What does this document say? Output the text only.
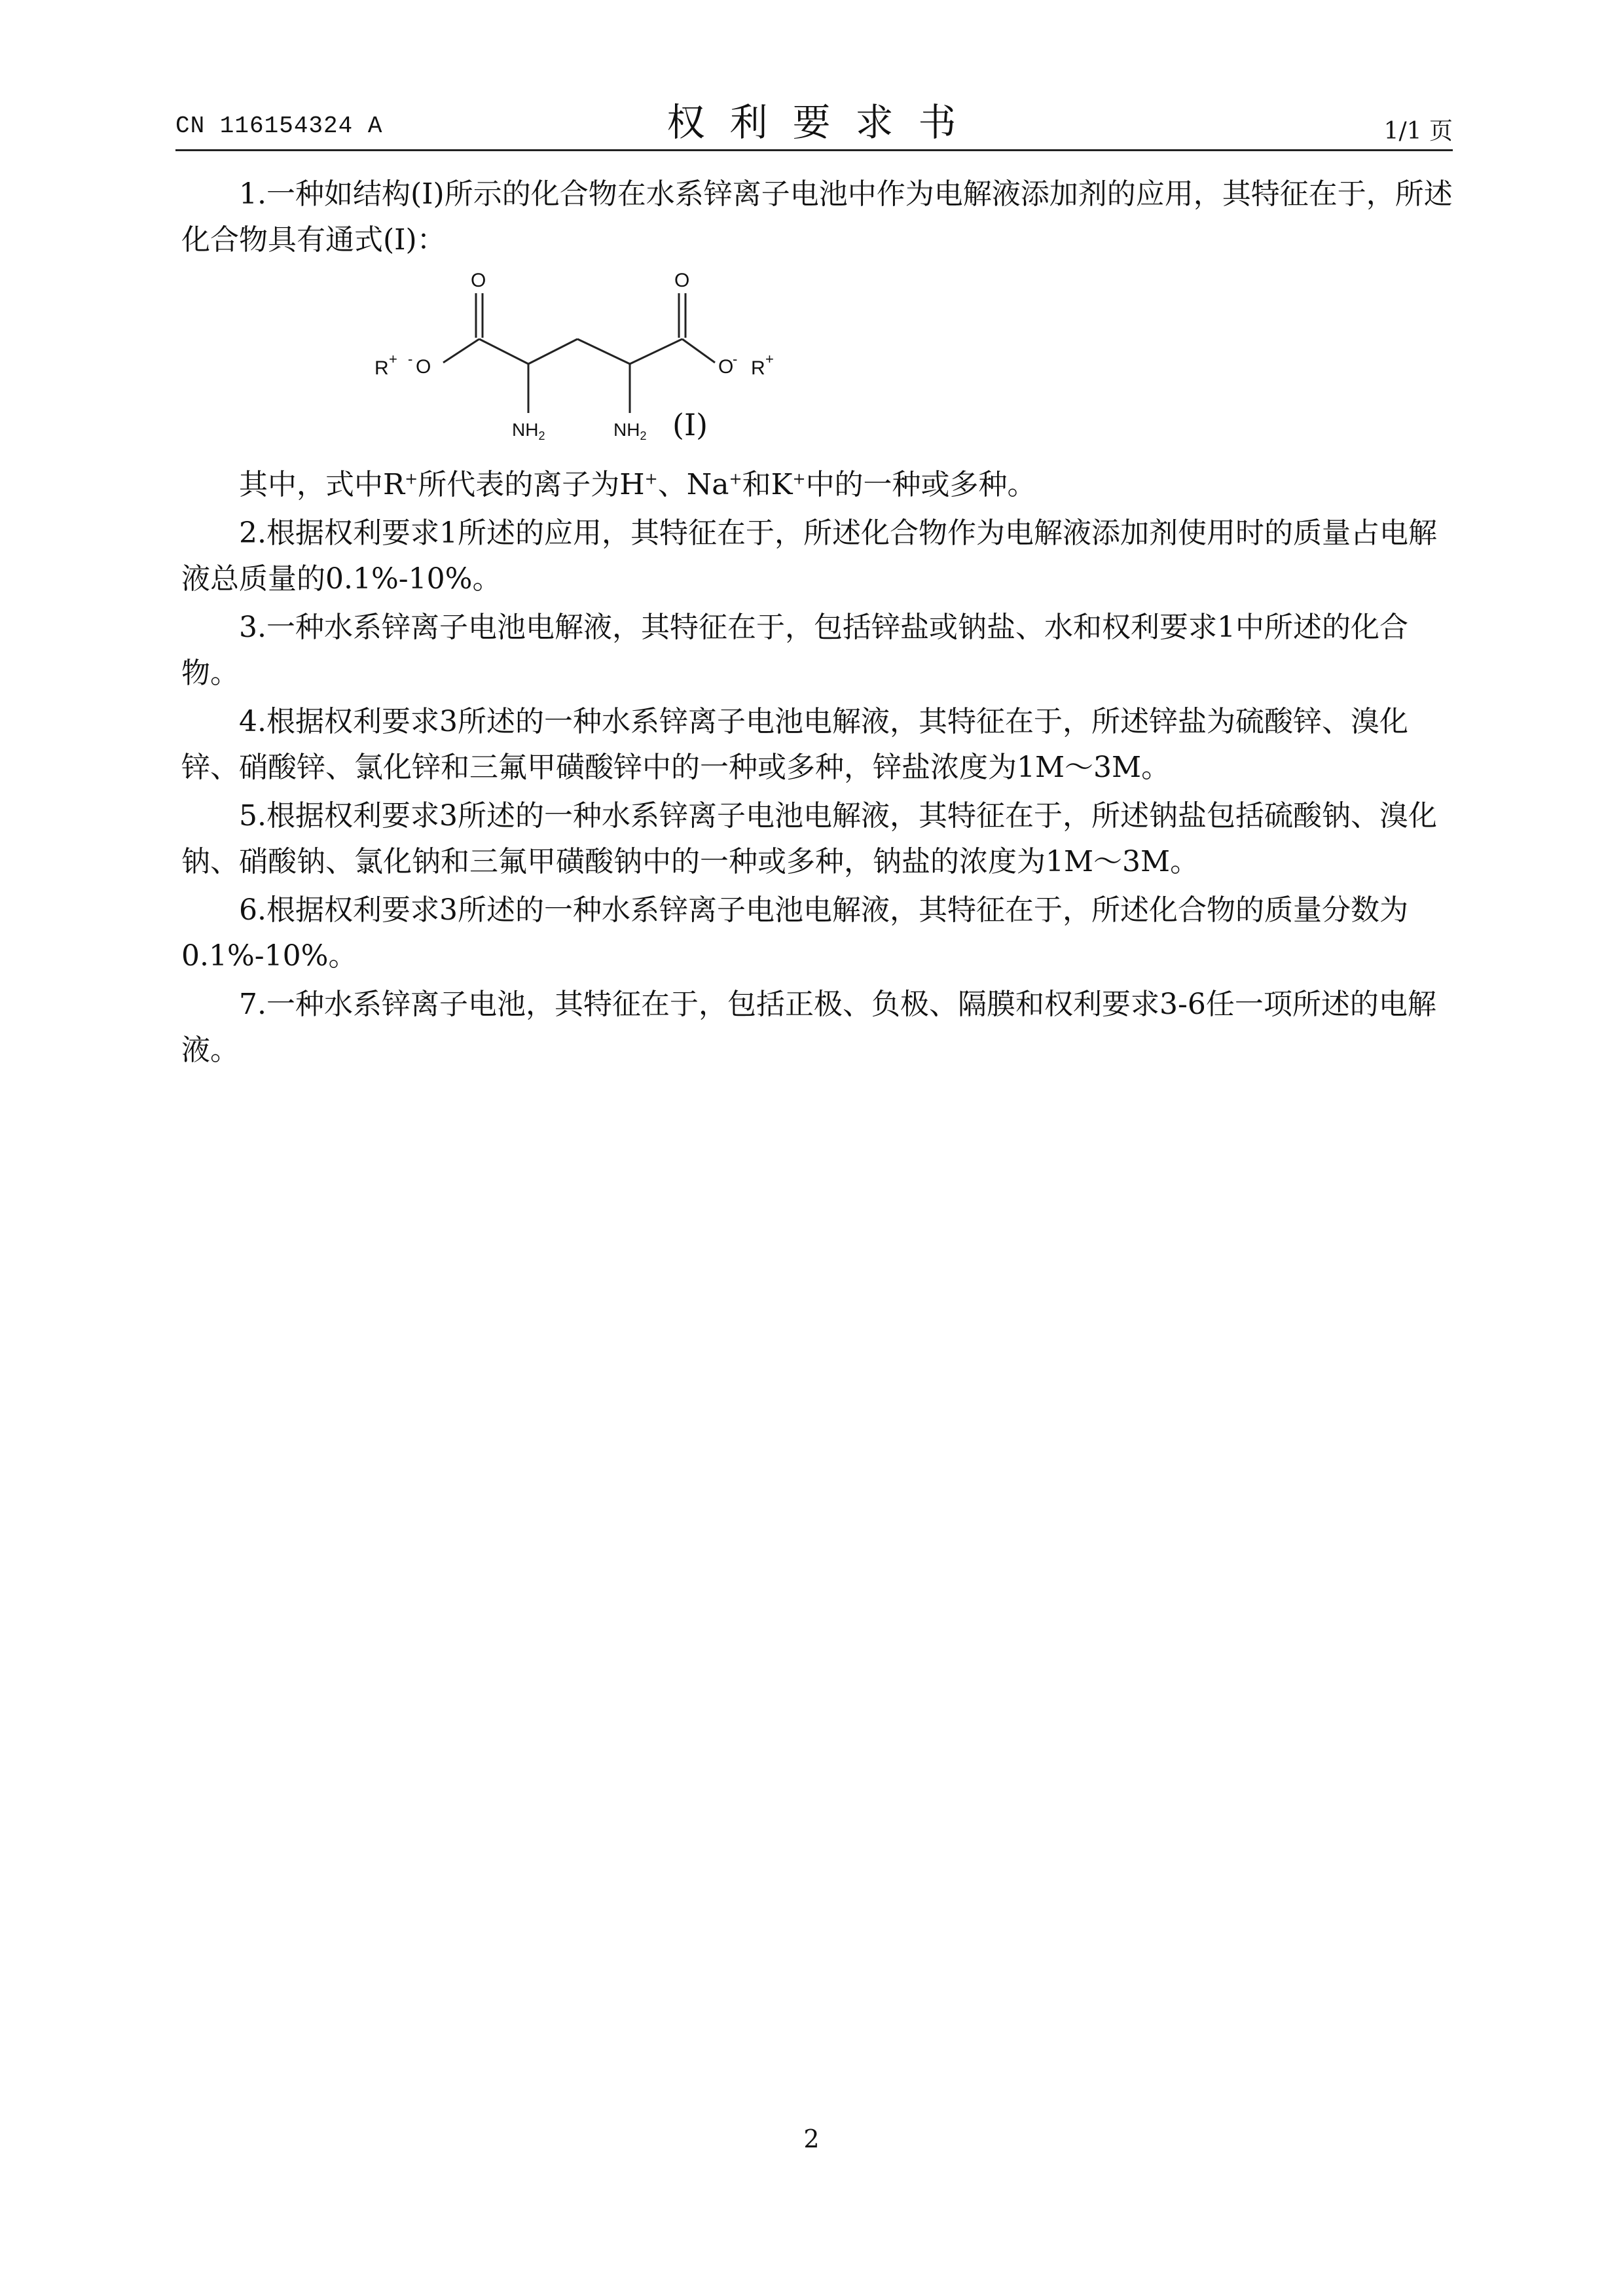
CN 116154324 A	权利要求书	1/1 页

1.一种如结构(I)所示的化合物在水系锌离子电池中作为电解液添加剂的应用，其特征在于，所述化合物具有通式(I)：

O
O
-
R +
$NH_2$	$NH_2$
O
O
- R +
(I)

其中，式中R+所代表的离子为H+、Na+和K+中的一种或多种。

2.根据权利要求1所述的应用，其特征在于，所述化合物作为电解液添加剂使用时的质量占电解液总质量的0.1%-10%。

3.一种水系锌离子电池电解液，其特征在于，包括锌盐或钠盐、水和权利要求1中所述的化合物。

4.根据权利要求3所述的一种水系锌离子电池电解液，其特征在于，所述锌盐为硫酸锌、溴化锌、硝酸锌、氯化锌和三氟甲磺酸锌中的一种或多种，锌盐浓度为1M～3M。

5.根据权利要求3所述的一种水系锌离子电池电解液，其特征在于，所述钠盐包括硫酸钠、溴化钠、硝酸钠、氯化钠和三氟甲磺酸钠中的一种或多种，钠盐的浓度为1M～3M。

6.根据权利要求3所述的一种水系锌离子电池电解液，其特征在于，所述化合物的质量分数为0.1%-10%。

7.一种水系锌离子电池，其特征在于，包括正极、负极、隔膜和权利要求3-6任一项所述的电解液。

2
